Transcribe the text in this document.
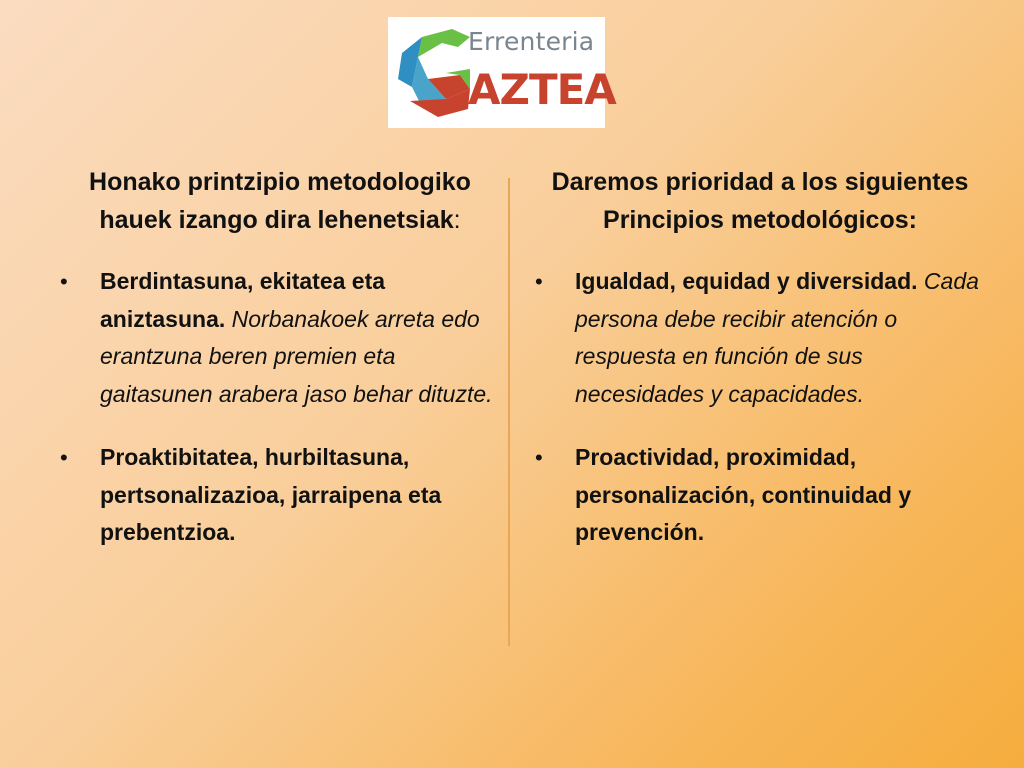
Errenteria
AZTEA
Honako printzipio metodologiko hauek izango dira lehenetsiak:
• Berdintasuna, ekitatea eta aniztasuna. Norbanakoek arreta edo erantzuna beren premien eta gaitasunen arabera jaso behar dituzte.
• Proaktibitatea, hurbiltasuna, pertsonalizazioa, jarraipena eta prebentzioa.
Daremos prioridad a los siguientes Principios metodológicos:
• Igualdad, equidad y diversidad. Cada persona debe recibir atención o respuesta en función de sus necesidades y capacidades.
• Proactividad, proximidad, personalización, continuidad y prevención.
